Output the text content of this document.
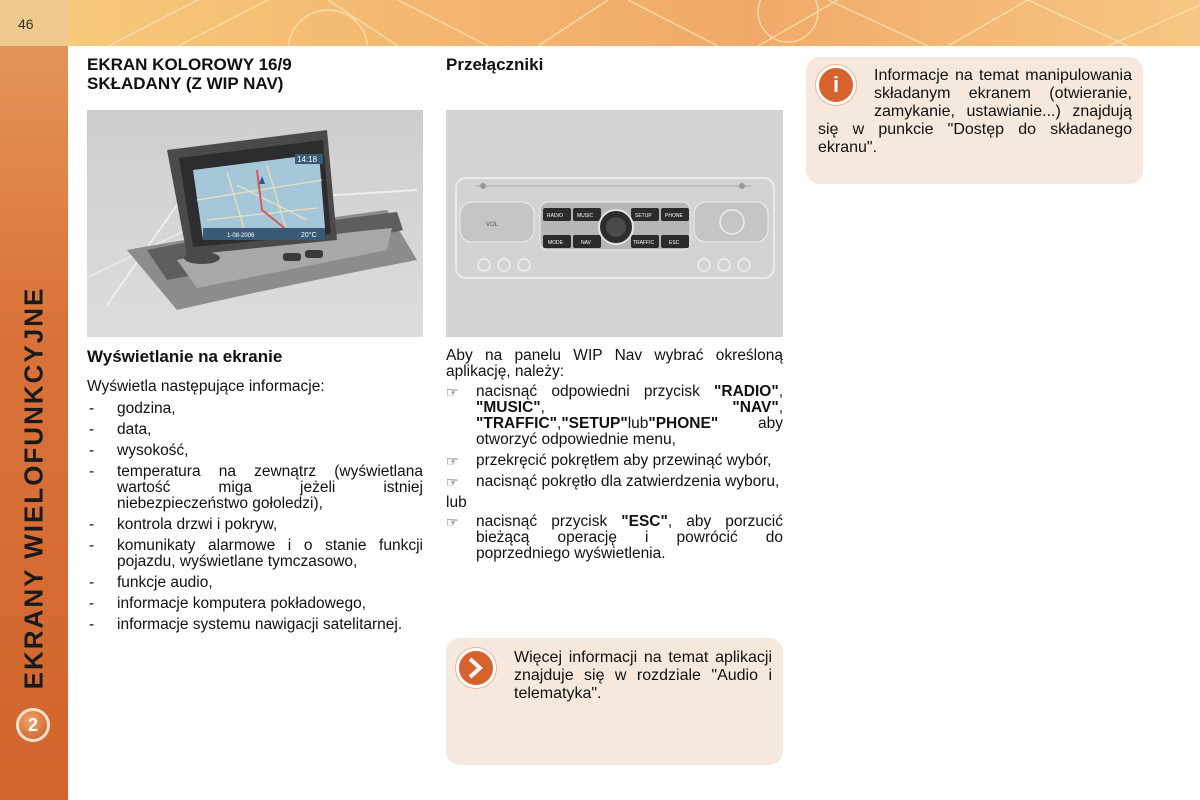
46
EKRANY WIELOFUNKCYJNE
2
EKRAN KOLOROWY 16/9
SKŁADANY (Z WIP NAV)
14:18
1-08-2006	20°C
Wyświetlanie na ekranie

Wyświetla następujące informacje:

- godzina,

- data,

- wysokość,

- temperatura na zewnątrz (wyświetlana wartość miga jeżeli istniej niebezpieczeństwo gołoledzi),

- kontrola drzwi i pokryw,

- komunikaty alarmowe i o stanie funkcji pojazdu, wyświetlane tymczasowo,

- funkcje audio,

- informacje komputera pokładowego,

- informacje systemu nawigacji satelitarnej.

Przełączniki
RADIO	MUSIC	SETUP	PHONE
MODE	NAV	TRAFFIC	ESC
VOL

Aby na panelu WIP Nav wybrać określoną aplikację, należy:

☞ nacisnąć odpowiedni przycisk "RADIO", "MUSIC", "NAV", "TRAFFIC","SETUP"lub"PHONE"	aby otworzyć odpowiednie menu,
☞ przekręcić pokrętłem aby przewinąć wybór,
☞ nacisnąć pokrętło dla zatwierdzenia wyboru,

lub

☞ nacisnąć przycisk "ESC", aby porzucić bieżącą operację i powrócić do poprzedniego wyświetlenia.

Więcej informacji na temat aplikacji znajduje się w rozdziale "Audio i telematyka".

i	Informacje na temat manipulowania składanym ekranem (otwieranie, zamykanie, ustawianie...) znajdują się w punkcie "Dostęp do składanego ekranu".
